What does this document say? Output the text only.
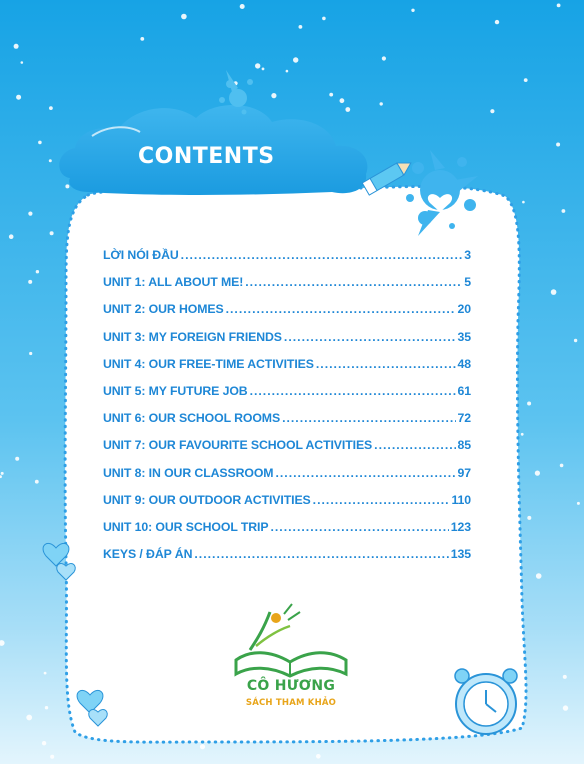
CONTENTS
LỜI NÓI ĐẦU .....	3
UNIT 1: ALL ABOUT ME! .....	5
UNIT 2: OUR HOMES .....	20
UNIT 3: MY FOREIGN FRIENDS .....	35
UNIT 4: OUR FREE-TIME ACTIVITIES .....	48
UNIT 5: MY FUTURE JOB .....	61
UNIT 6: OUR SCHOOL ROOMS .....	72
UNIT 7: OUR FAVOURITE SCHOOL ACTIVITIES .....	85
UNIT 8: IN OUR CLASSROOM .....	97
UNIT 9: OUR OUTDOOR ACTIVITIES .....	110
UNIT 10: OUR SCHOOL TRIP .....	123
KEYS / ĐÁP ÁN .....	135
CÔ HƯƠNG
SÁCH THAM KHẢO
